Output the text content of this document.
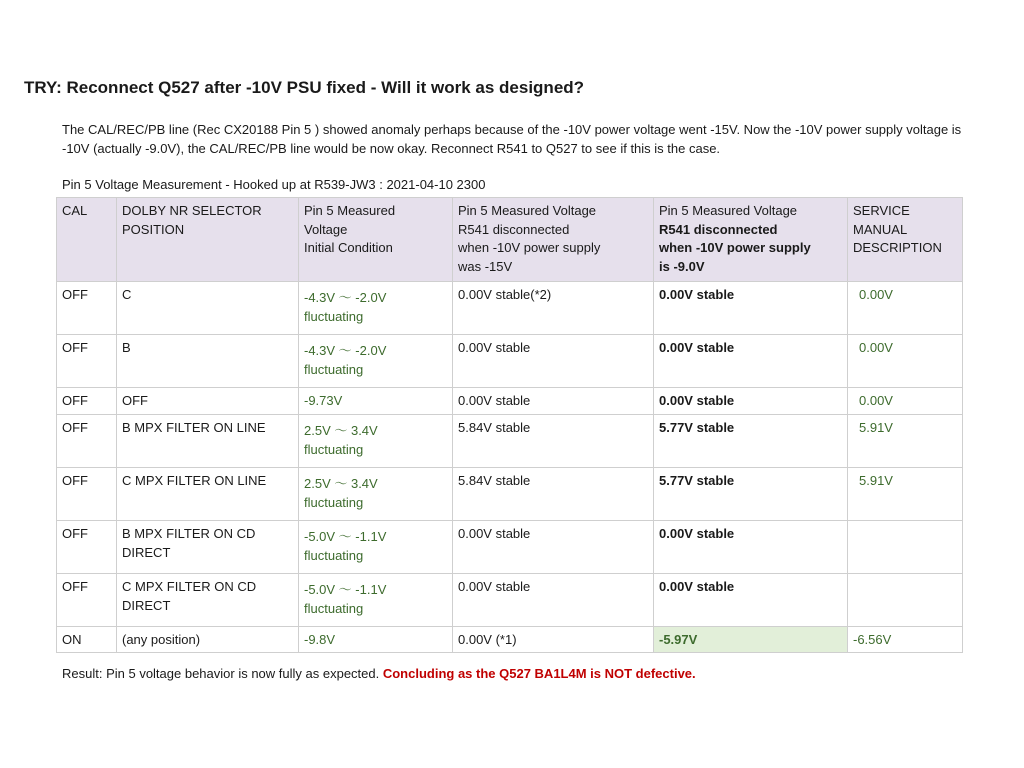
TRY: Reconnect Q527 after -10V PSU fixed - Will it work as designed?
The CAL/REC/PB line (Rec CX20188 Pin 5 ) showed anomaly perhaps because of the -10V power voltage went -15V. Now the -10V power supply voltage is -10V (actually -9.0V), the CAL/REC/PB line would be now okay. Reconnect R541 to Q527 to see if this is the case.
Pin 5 Voltage Measurement - Hooked up at R539-JW3 : 2021-04-10 2300
CAL	DOLBY NR SELECTOR
POSITION	Pin 5 Measured
Voltage
Initial Condition	Pin 5 Measured Voltage
R541 disconnected
when -10V power supply
was -15V	Pin 5 Measured Voltage
R541 disconnected
when -10V power supply
is -9.0V	SERVICE
MANUAL
DESCRIPTION
OFF	C	-4.3V 〜 -2.0V
fluctuating	0.00V stable(*2)	0.00V stable	0.00V
OFF	B	-4.3V 〜 -2.0V
fluctuating	0.00V stable	0.00V stable	0.00V
OFF	OFF	-9.73V	0.00V stable	0.00V stable	0.00V
OFF	B MPX FILTER ON LINE	2.5V 〜 3.4V
fluctuating	5.84V stable	5.77V stable	5.91V
OFF	C MPX FILTER ON LINE	2.5V 〜 3.4V
fluctuating	5.84V stable	5.77V stable	5.91V
OFF	B MPX FILTER ON CD
DIRECT	-5.0V 〜 -1.1V
fluctuating	0.00V stable	0.00V stable	
OFF	C MPX FILTER ON CD
DIRECT	-5.0V 〜 -1.1V
fluctuating	0.00V stable	0.00V stable	
ON	(any position)	-9.8V	0.00V (*1)	-5.97V	-6.56V
Result: Pin 5 voltage behavior is now fully as expected. Concluding as the Q527 BA1L4M is NOT defective.
